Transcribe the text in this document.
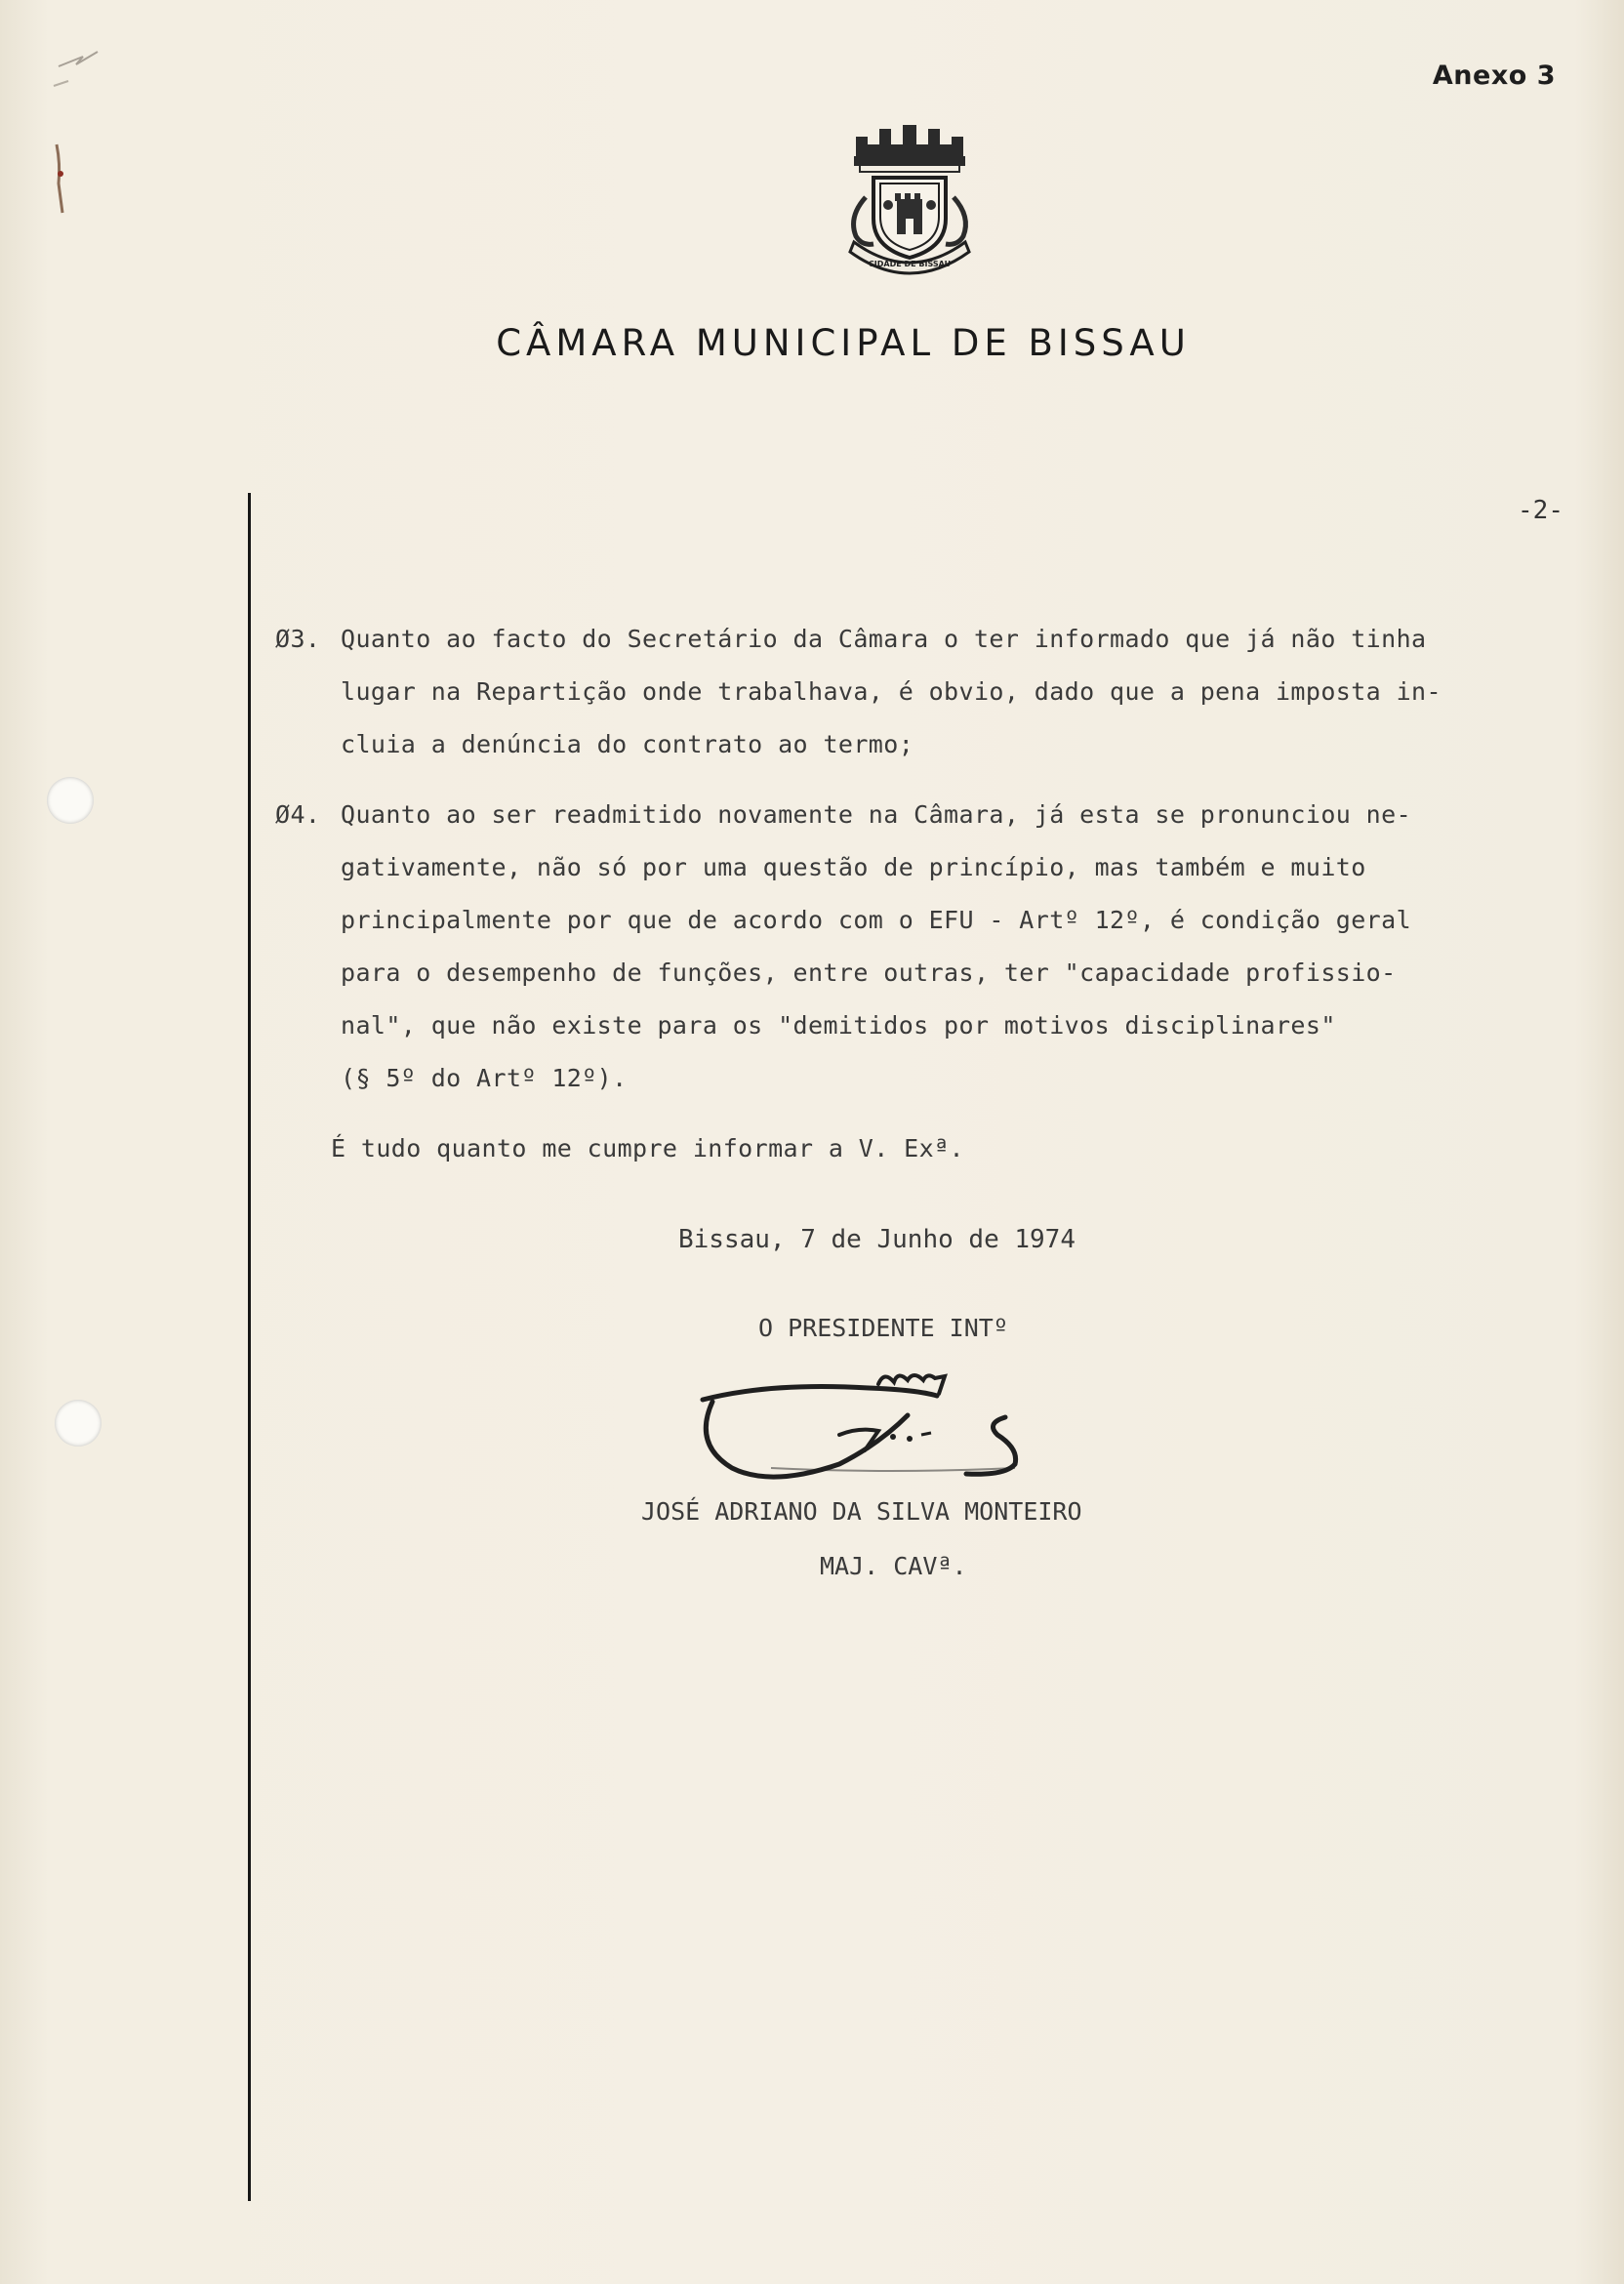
Anexo 3
CIDADE DE BISSAU
CÂMARA MUNICIPAL DE BISSAU
-2-
Ø3. Quanto ao facto do Secretário da Câmara o ter informado que já não tinha
lugar na Repartição onde trabalhava, é obvio, dado que a pena imposta in-
cluia a denúncia do contrato ao termo;
Ø4. Quanto ao ser readmitido novamente na Câmara, já esta se pronunciou ne-
gativamente, não só por uma questão de princípio, mas também e muito
principalmente por que de acordo com o EFU - Artº 12º, é condição geral
para o desempenho de funções, entre outras, ter "capacidade profissio-
nal", que não existe para os "demitidos por motivos disciplinares"
(§ 5º do Artº 12º).
É tudo quanto me cumpre informar a V. Exª.
Bissau, 7 de Junho de 1974
O PRESIDENTE INTº
JOSÉ ADRIANO DA SILVA MONTEIRO
MAJ. CAVª.
